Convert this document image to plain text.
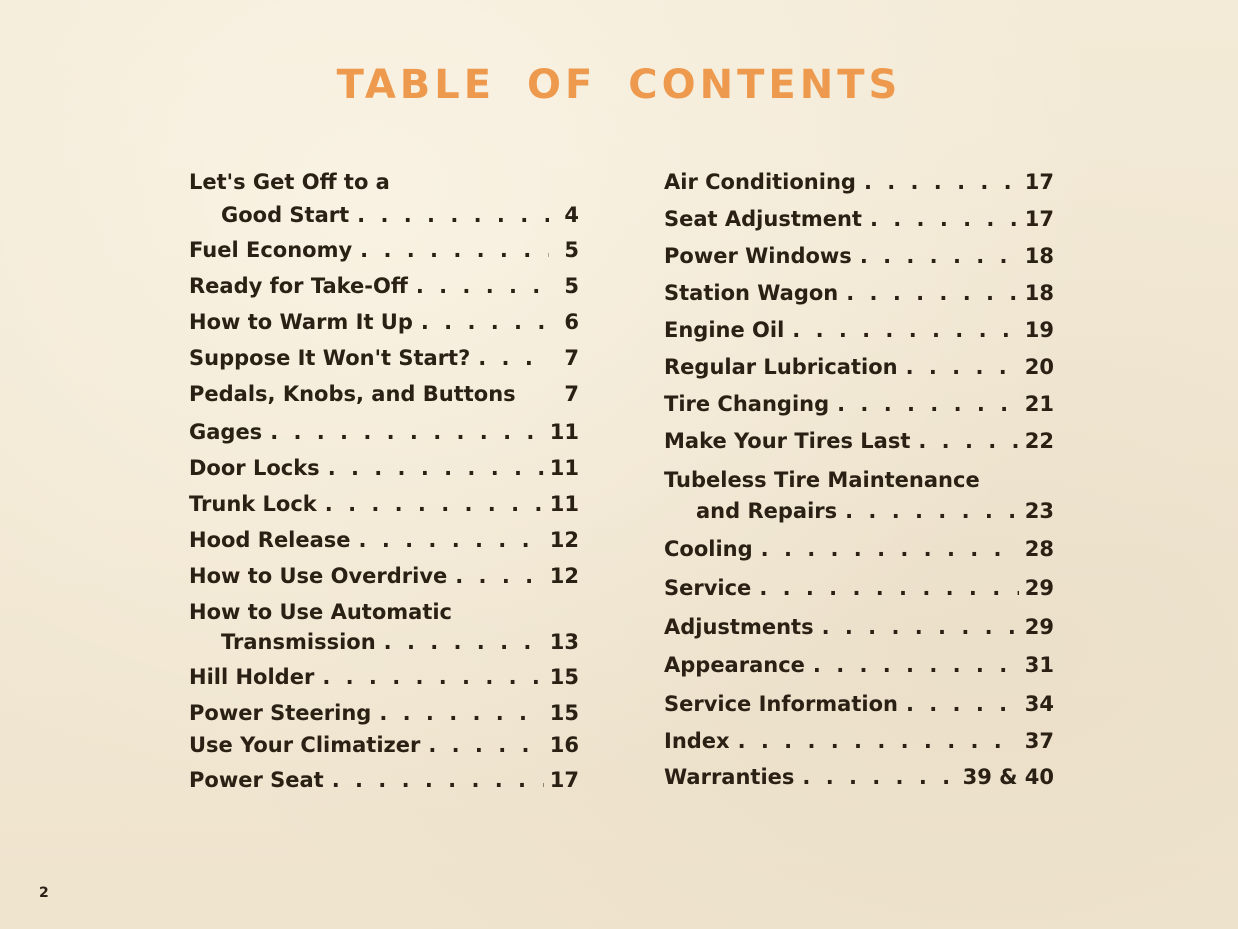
TABLE OF CONTENTS
Let's Get Off to a
Good Start . . .	4
Fuel Economy . . .	5
Ready for Take-Off . . .	5
How to Warm It Up . . .	6
Suppose It Won't Start? . . .	7
Pedals, Knobs, and Buttons	7
Gages . . .	11
Door Locks . . .	11
Trunk Lock . . .	11
Hood Release . . .	12
How to Use Overdrive . . .	12
How to Use Automatic
Transmission . . .	13
Hill Holder . . .	15
Power Steering . . .	15
Use Your Climatizer . . .	16
Power Seat . . .	17
Air Conditioning . . .	17
Seat Adjustment . . .	17
Power Windows . . .	18
Station Wagon . . .	18
Engine Oil . . .	19
Regular Lubrication . . .	20
Tire Changing . . .	21
Make Your Tires Last . . .	22
Tubeless Tire Maintenance
and Repairs . . .	23
Cooling . . .	28
Service . . .	29
Adjustments . . .	29
Appearance . . .	31
Service Information . . .	34
Index . . .	37
Warranties . . .	39 & 40
2
